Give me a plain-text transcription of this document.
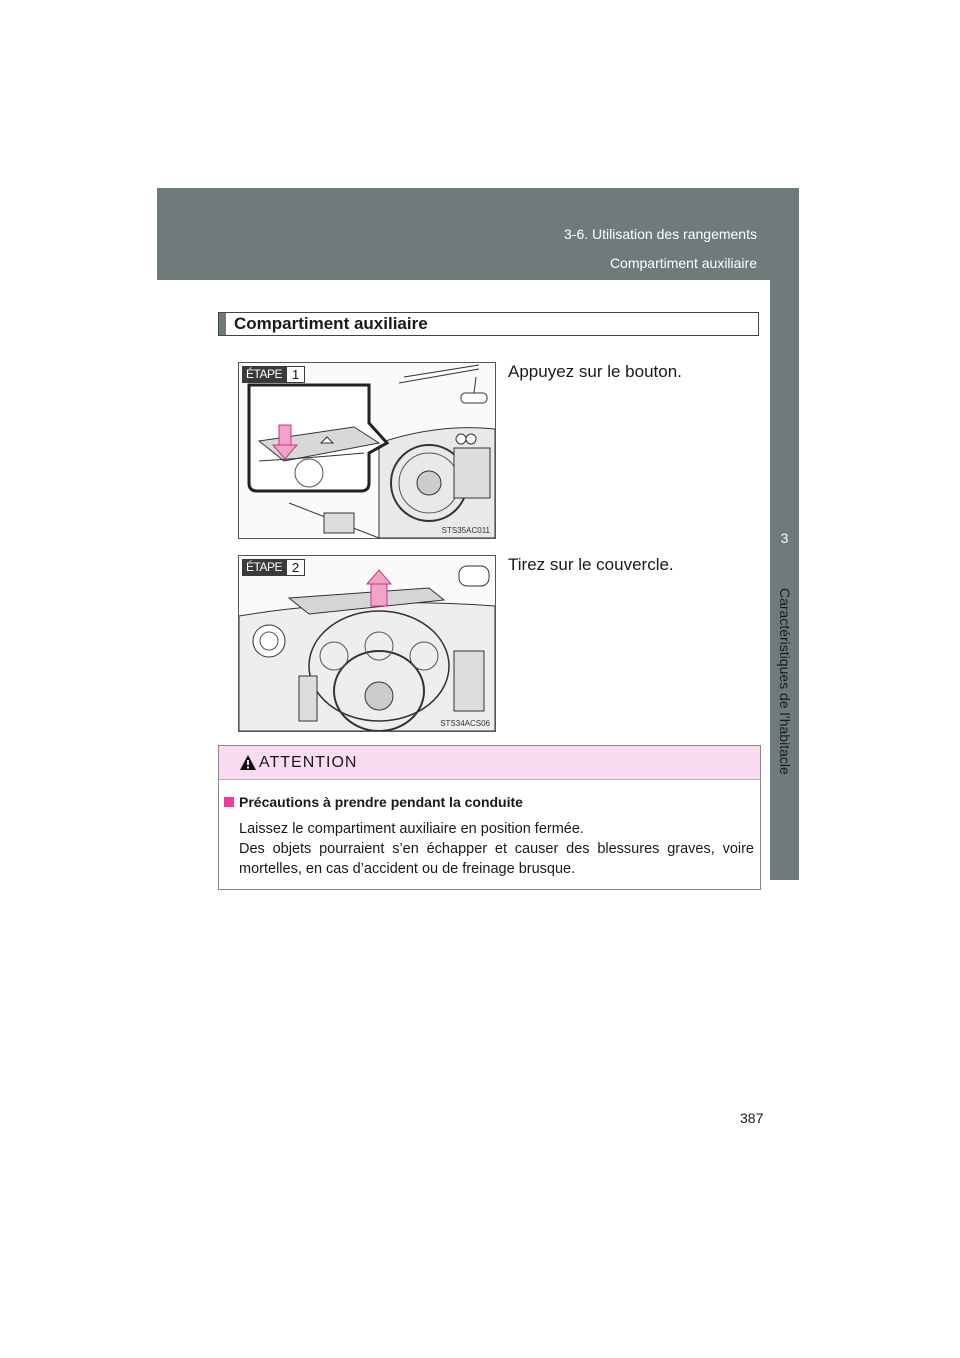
3-6. Utilisation des rangements
Compartiment auxiliaire
3
Caractéristiques de l’habitacle
Compartiment auxiliaire
ÉTAPE 1
STS35AC011
Appuyez sur le bouton.
ÉTAPE 2
STS34ACS06
Tirez sur le couvercle.
ATTENTION
Précautions à prendre pendant la conduite

Laissez le compartiment auxiliaire en position fermée.

Des objets pourraient s’en échapper et causer des blessures graves, voire mortelles, en cas d’accident ou de freinage brusque.

387
